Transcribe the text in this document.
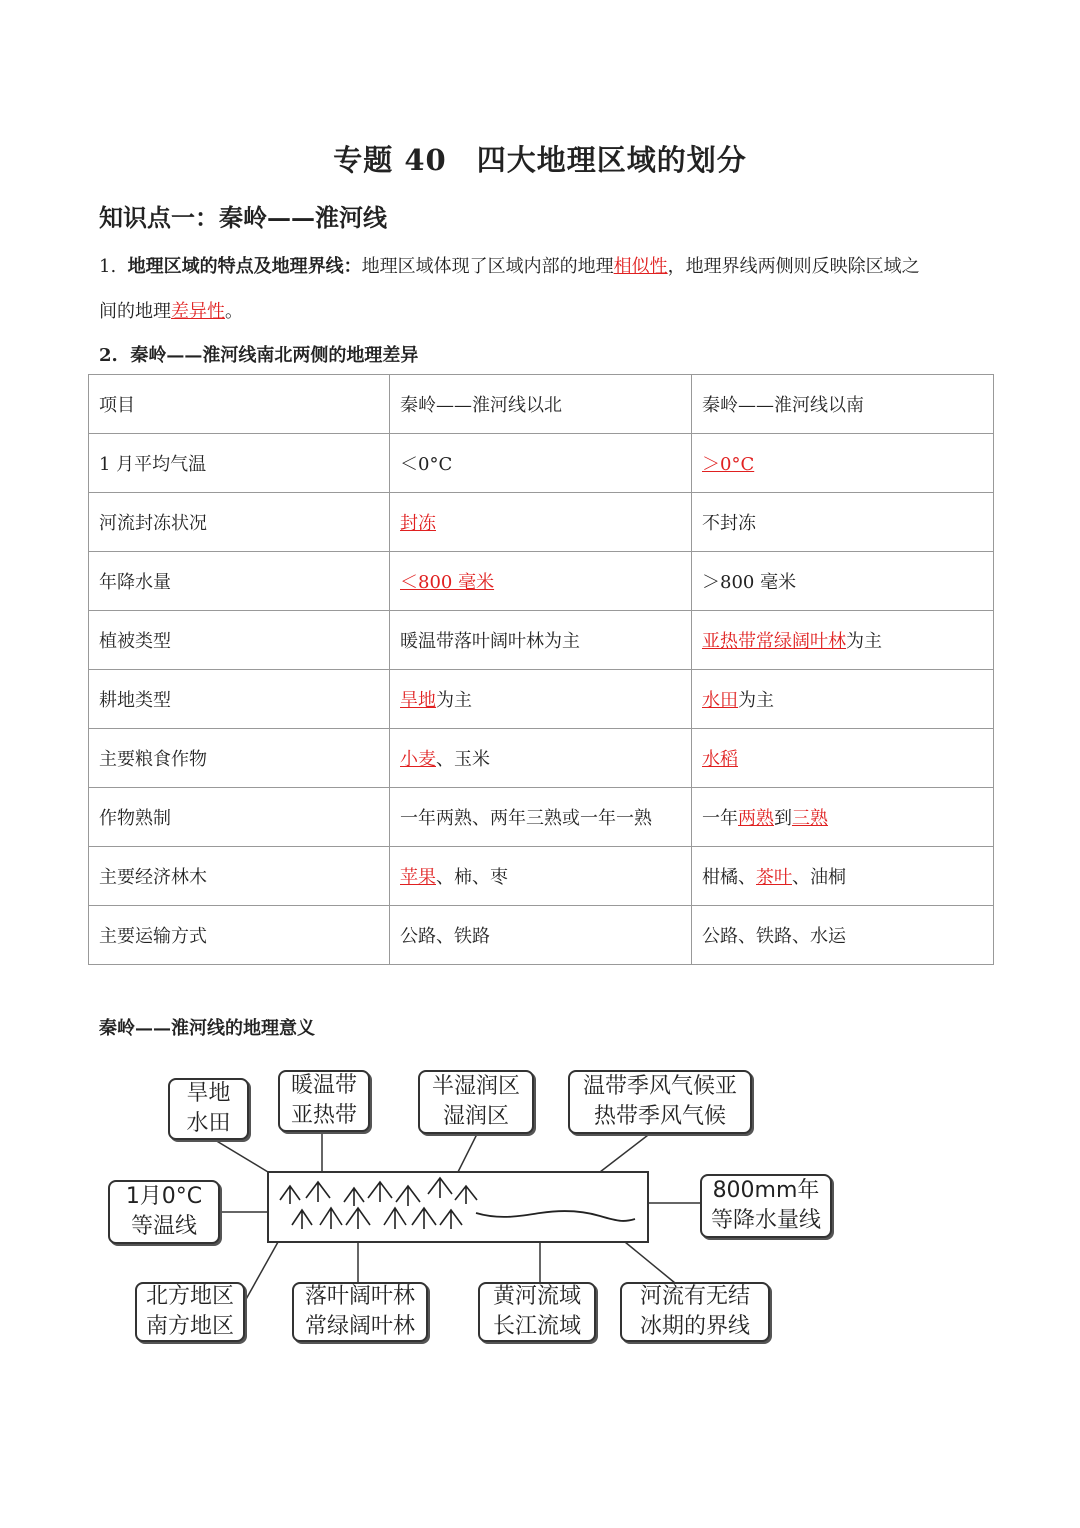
专题 40　四大地理区域的划分
知识点一：秦岭——淮河线
1. 地理区域的特点及地理界线：地理区域体现了区域内部的地理相似性，地理界线两侧则反映除区域之
间的地理差异性。
2. 秦岭——淮河线南北两侧的地理差异
项目	秦岭——淮河线以北	秦岭——淮河线以南
1 月平均气温	＜0°C	＞0°C
河流封冻状况	封冻	不封冻
年降水量	＜800 毫米	＞800 毫米
植被类型	暖温带落叶阔叶林为主	亚热带常绿阔叶林为主
耕地类型	旱地为主	水田为主
主要粮食作物	小麦、玉米	水稻
作物熟制	一年两熟、两年三熟或一年一熟	一年两熟到三熟
主要经济林木	苹果、柿、枣	柑橘、茶叶、油桐
主要运输方式	公路、铁路	公路、铁路、水运
秦岭——淮河线的地理意义
旱地
水田
暖温带
亚热带
半湿润区
湿润区
温带季风气候亚
热带季风气候
1月0°C
等温线
800mm年
等降水量线
北方地区
南方地区
落叶阔叶林
常绿阔叶林
黄河流域
长江流域
河流有无结
冰期的界线
